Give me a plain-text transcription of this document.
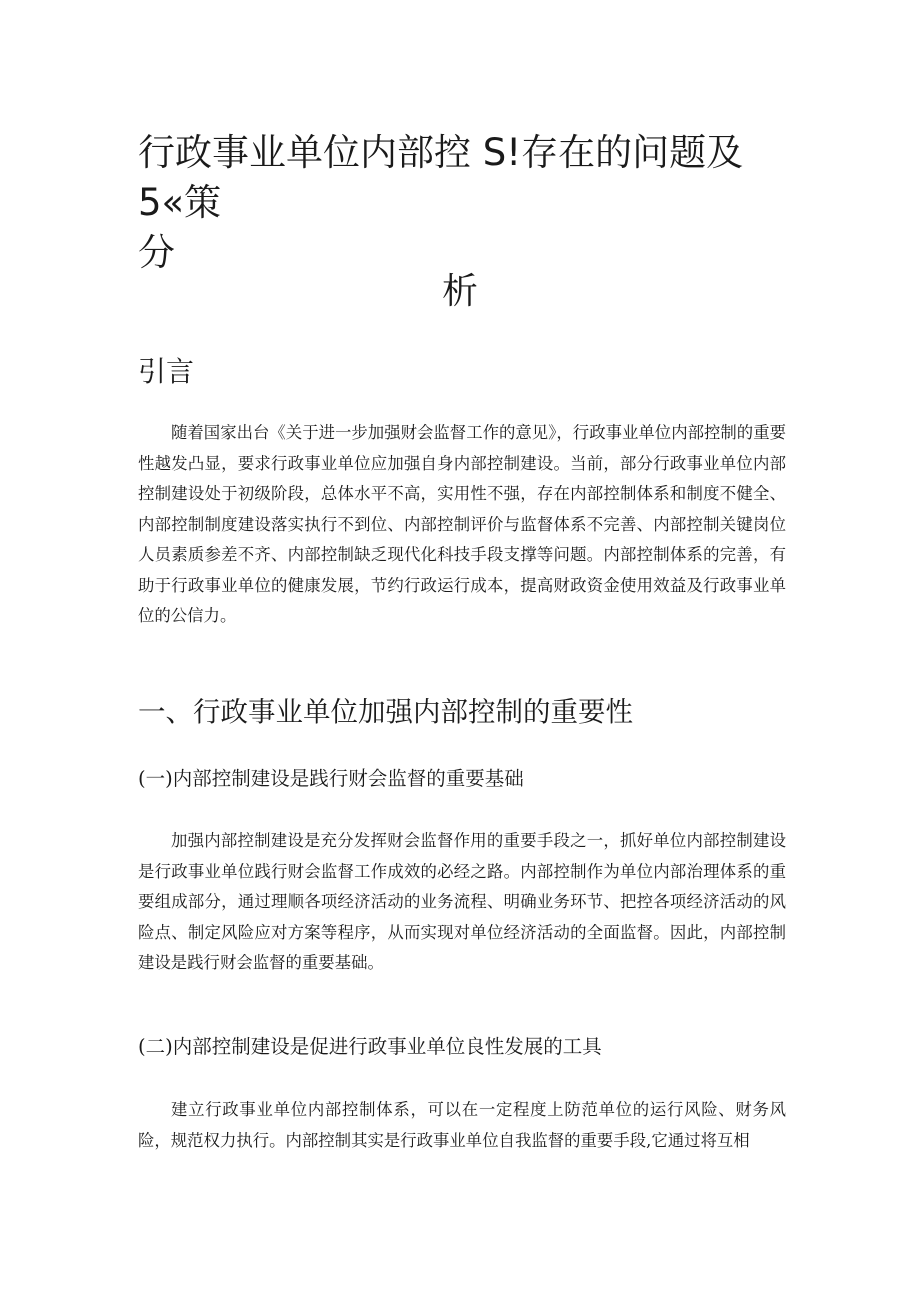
行政事业单位内部控 S!存在的问题及 5«策
分
析
引言

随着国家出台《关于进一步加强财会监督工作的意见》，行政事业单位内部控制的重要性越发凸显，要求行政事业单位应加强自身内部控制建设。当前，部分行政事业单位内部控制建设处于初级阶段，总体水平不高，实用性不强，存在内部控制体系和制度不健全、内部控制制度建设落实执行不到位、内部控制评价与监督体系不完善、内部控制关键岗位人员素质参差不齐、内部控制缺乏现代化科技手段支撑等问题。内部控制体系的完善，有助于行政事业单位的健康发展，节约行政运行成本，提高财政资金使用效益及行政事业单位的公信力。

一、行政事业单位加强内部控制的重要性
(一)内部控制建设是践行财会监督的重要基础

加强内部控制建设是充分发挥财会监督作用的重要手段之一，抓好单位内部控制建设是行政事业单位践行财会监督工作成效的必经之路。内部控制作为单位内部治理体系的重要组成部分，通过理顺各项经济活动的业务流程、明确业务环节、把控各项经济活动的风险点、制定风险应对方案等程序，从而实现对单位经济活动的全面监督。因此，内部控制建设是践行财会监督的重要基础。

(二)内部控制建设是促进行政事业单位良性发展的工具

建立行政事业单位内部控制体系，可以在一定程度上防范单位的运行风险、财务风险，规范权力执行。内部控制其实是行政事业单位自我监督的重要手段,它通过将互相
